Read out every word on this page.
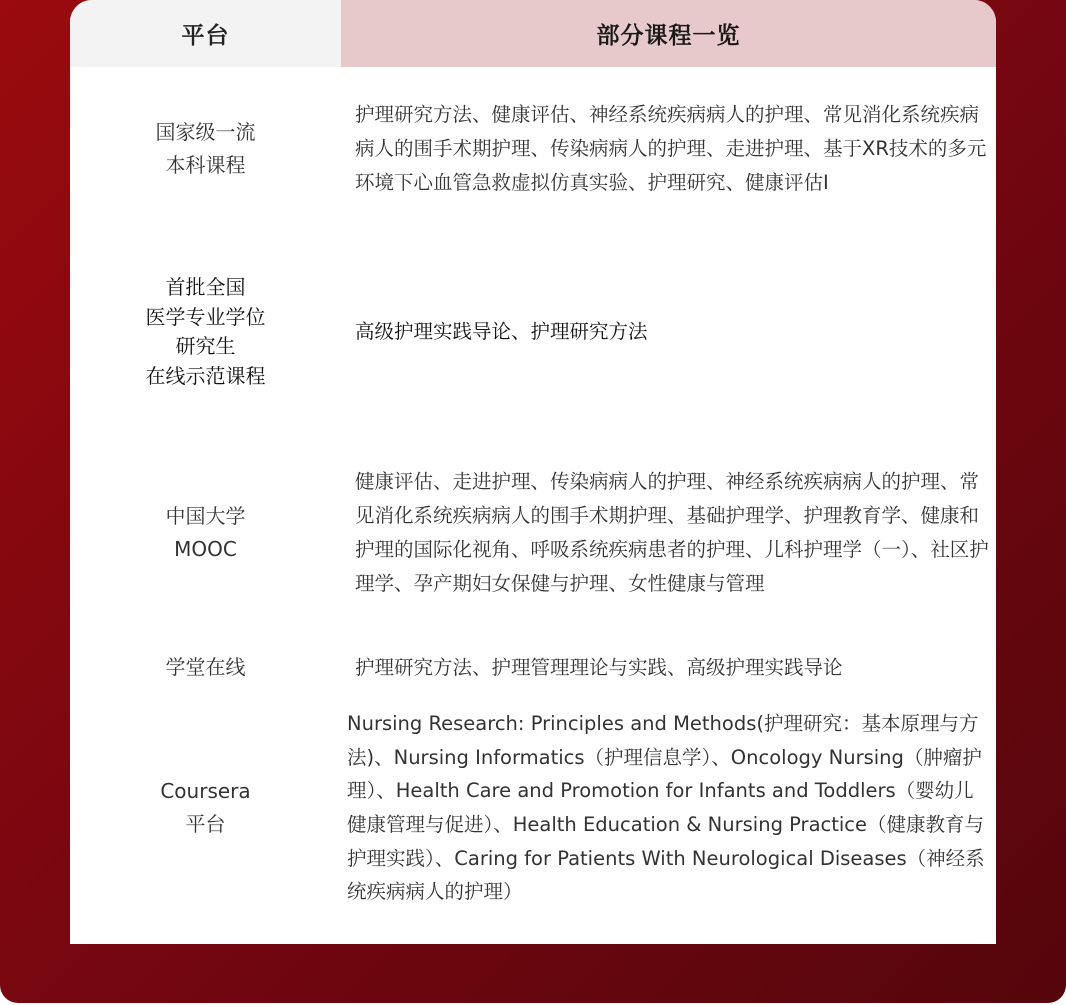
平台	部分课程一览
国家级一流
本科课程
护理研究方法、健康评估、神经系统疾病病人的护理、常见消化系统疾病病人的围手术期护理、传染病病人的护理、走进护理、基于XR技术的多元环境下心血管急救虚拟仿真实验、护理研究、健康评估Ⅰ
首批全国
医学专业学位
研究生
在线示范课程
高级护理实践导论、护理研究方法
中国大学
MOOC
健康评估、走进护理、传染病病人的护理、神经系统疾病病人的护理、常见消化系统疾病病人的围手术期护理、基础护理学、护理教育学、健康和护理的国际化视角、呼吸系统疾病患者的护理、儿科护理学（一）、社区护理学、孕产期妇女保健与护理、女性健康与管理
学堂在线	护理研究方法、护理管理理论与实践、高级护理实践导论
Coursera
平台
Nursing Research: Principles and Methods(护理研究：基本原理与方法)、Nursing Informatics（护理信息学）、Oncology Nursing（肿瘤护理）、Health Care and Promotion for Infants and Toddlers（婴幼儿健康管理与促进）、Health Education & Nursing Practice（健康教育与护理实践）、Caring for Patients With Neurological Diseases（神经系统疾病病人的护理）
